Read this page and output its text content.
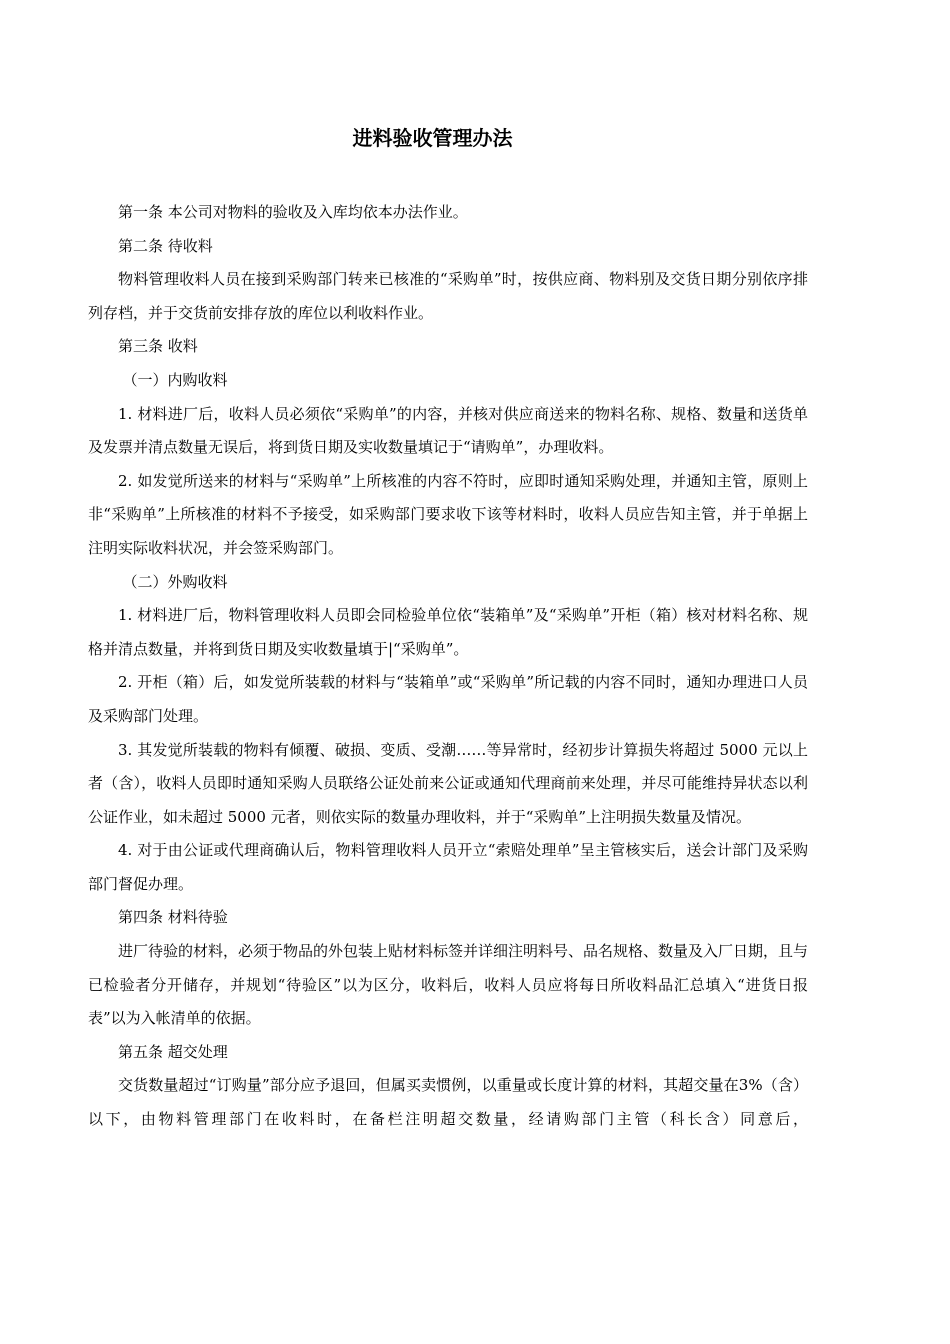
进料验收管理办法

第一条 本公司对物料的验收及入库均依本办法作业。

第二条 待收料

物料管理收料人员在接到采购部门转来已核准的“采购单”时，按供应商、物料别及交货日期分别依序排列存档，并于交货前安排存放的库位以利收料作业。

第三条 收料

（一）内购收料

1. 材料进厂后，收料人员必须依“采购单”的内容，并核对供应商送来的物料名称、规格、数量和送货单及发票并清点数量无误后，将到货日期及实收数量填记于“请购单”，办理收料。

2. 如发觉所送来的材料与“采购单”上所核准的内容不符时，应即时通知采购处理，并通知主管，原则上非“采购单”上所核准的材料不予接受，如采购部门要求收下该等材料时，收料人员应告知主管，并于单据上注明实际收料状况，并会签采购部门。

（二）外购收料

1. 材料进厂后，物料管理收料人员即会同检验单位依“装箱单”及“采购单”开柜（箱）核对材料名称、规格并清点数量，并将到货日期及实收数量填于|“采购单”。

2. 开柜（箱）后，如发觉所装载的材料与“装箱单”或“采购单”所记载的内容不同时，通知办理进口人员及采购部门处理。

3. 其发觉所装载的物料有倾覆、破损、变质、受潮……等异常时，经初步计算损失将超过 5000 元以上者（含），收料人员即时通知采购人员联络公证处前来公证或通知代理商前来处理，并尽可能维持异状态以利公证作业，如未超过 5000 元者，则依实际的数量办理收料，并于“采购单”上注明损失数量及情况。

4. 对于由公证或代理商确认后，物料管理收料人员开立“索赔处理单”呈主管核实后，送会计部门及采购部门督促办理。

第四条 材料待验

进厂待验的材料，必须于物品的外包装上贴材料标签并详细注明料号、品名规格、数量及入厂日期，且与已检验者分开储存，并规划“待验区”以为区分，收料后，收料人员应将每日所收料品汇总填入“进货日报表”以为入帐清单的依据。

第五条 超交处理

交货数量超过“订购量”部分应予退回，但属买卖惯例，以重量或长度计算的材料，其超交量在3%（含）以下，由物料管理部门在收料时，在备栏注明超交数量，经请购部门主管（科长含）同意后，
